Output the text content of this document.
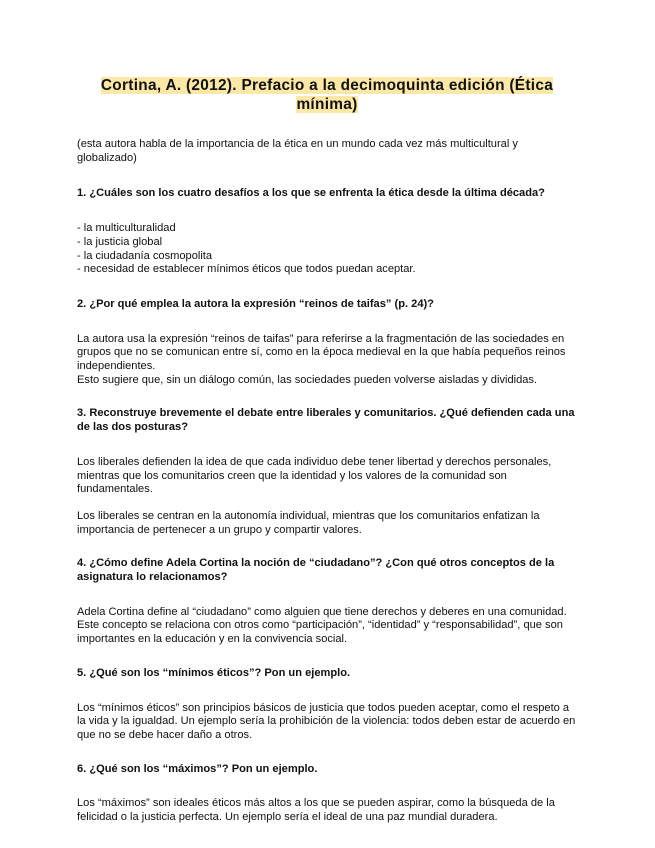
Cortina, A. (2012). Prefacio a la decimoquinta edición (Ética mínima)

(esta autora habla de la importancia de la ética en un mundo cada vez más multicultural y globalizado)

1. ¿Cuáles son los cuatro desafíos a los que se enfrenta la ética desde la última década?

- la multiculturalidad
- la justicia global
- la ciudadanía cosmopolita
- necesidad de establecer mínimos éticos que todos puedan aceptar.

2. ¿Por qué emplea la autora la expresión “reinos de taifas” (p. 24)?

La autora usa la expresión “reinos de taifas” para referirse a la fragmentación de las sociedades en grupos que no se comunican entre sí, como en la época medieval en la que había pequeños reinos independientes.

Esto sugiere que, sin un diálogo común, las sociedades pueden volverse aisladas y divididas.

3. Reconstruye brevemente el debate entre liberales y comunitarios. ¿Qué defienden cada una de las dos posturas?

Los liberales defienden la idea de que cada individuo debe tener libertad y derechos personales, mientras que los comunitarios creen que la identidad y los valores de la comunidad son fundamentales.

Los liberales se centran en la autonomía individual, mientras que los comunitarios enfatizan la importancia de pertenecer a un grupo y compartir valores.

4. ¿Cómo define Adela Cortina la noción de “ciudadano”? ¿Con qué otros conceptos de la asignatura lo relacionamos?

Adela Cortina define al “ciudadano” como alguien que tiene derechos y deberes en una comunidad. Este concepto se relaciona con otros como “participación”, “identidad” y “responsabilidad”, que son importantes en la educación y en la convivencia social.

5. ¿Qué son los “mínimos éticos”? Pon un ejemplo.

Los “mínimos éticos” son principios básicos de justicia que todos pueden aceptar, como el respeto a la vida y la igualdad. Un ejemplo sería la prohibición de la violencia: todos deben estar de acuerdo en que no se debe hacer daño a otros.

6. ¿Qué son los “máximos”? Pon un ejemplo.

Los “máximos” son ideales éticos más altos a los que se pueden aspirar, como la búsqueda de la felicidad o la justicia perfecta. Un ejemplo sería el ideal de una paz mundial duradera.
